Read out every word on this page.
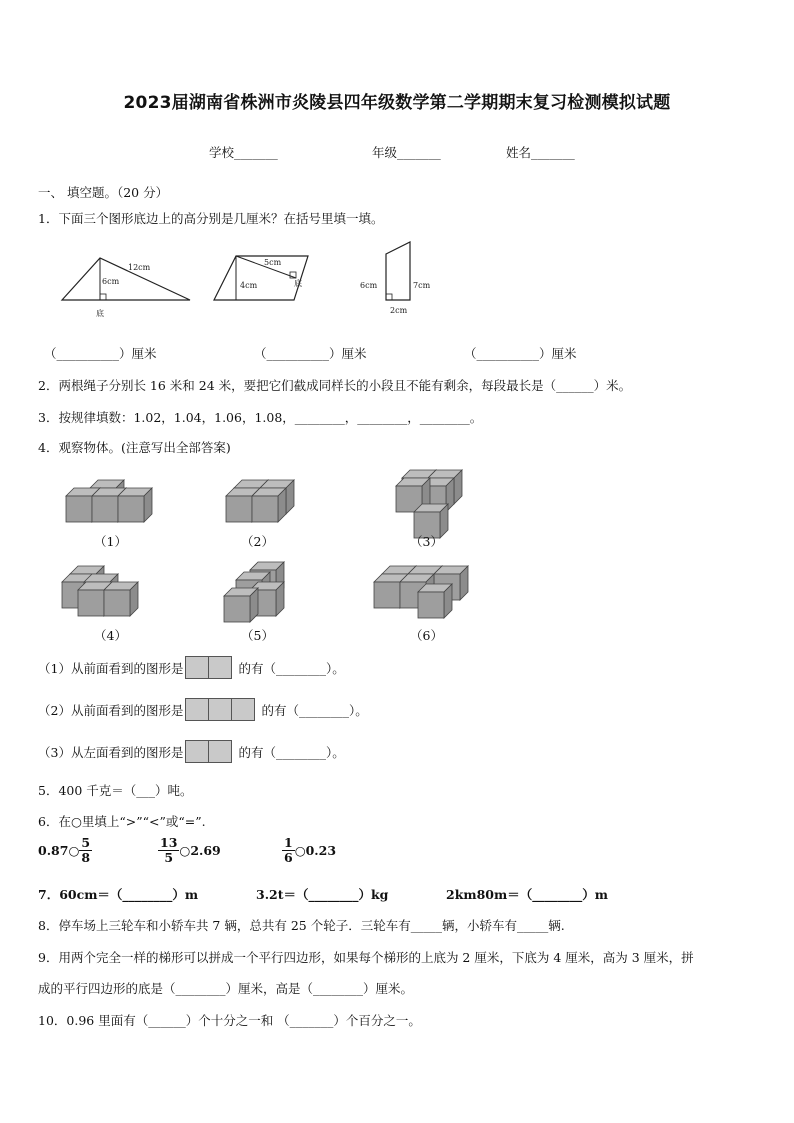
2023届湖南省株洲市炎陵县四年级数学第二学期期末复习检测模拟试题
学校_______	年级_______	姓名_______
一、 填空题。（20 分）
1．下面三个图形底边上的高分别是几厘米？在括号里填一填。
12cm
6cm
底
5cm
4cm	底	6cm	7cm
2cm
（__________）厘米	（__________）厘米	（__________）厘米
2．两根绳子分别长 16 米和 24 米，要把它们截成同样长的小段且不能有剩余，每段最长是（______）米。
3．按规律填数：1.02，1.04，1.06，1.08，________，________，________。
4．观察物体。(注意写出全部答案)
（1）	（2）	（3）
（4）	（5）	（6）
（1）从前面看到的图形是	的有（________）。
（2）从前面看到的图形是	的有（________）。
（3）从左面看到的图形是	的有（________）。
5．400 千克＝（___）吨。
6．在○里填上“>”“<”或“=”.
0.87○ $\frac{5}{8}$	$\frac{13}{5}$ ○2.69	$\frac{1}{6}$ ○0.23
7．60cm＝（________）m	3.2t＝（________）kg	2km80m＝（________）m
8．停车场上三轮车和小轿车共 7 辆，总共有 25 个轮子．三轮车有_____辆，小轿车有_____辆.
9．用两个完全一样的梯形可以拼成一个平行四边形，如果每个梯形的上底为 2 厘米，下底为 4 厘米，高为 3 厘米，拼
成的平行四边形的底是（________）厘米，高是（________）厘米。
10．0.96 里面有（______）个十分之一和 （_______）个百分之一。
